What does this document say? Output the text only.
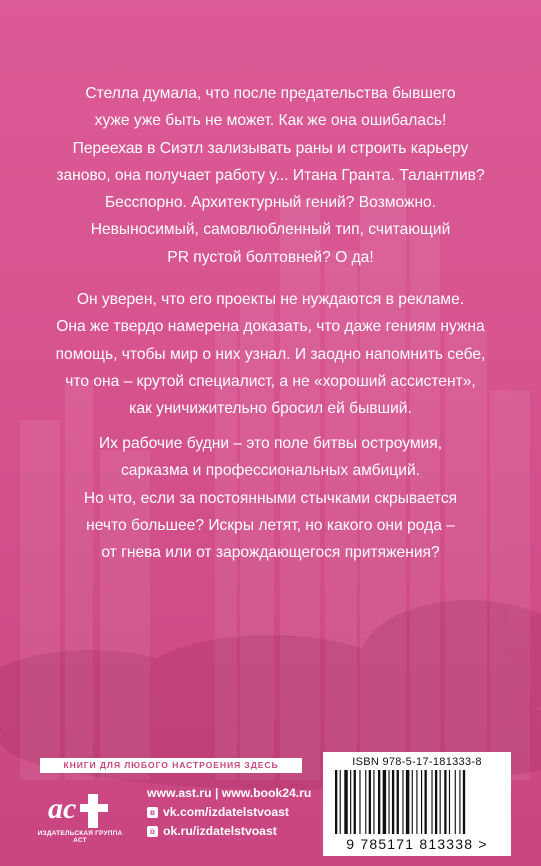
Стелла думала, что после предательства бывшего
хуже уже быть не может. Как же она ошибалась!
Переехав в Сиэтл зализывать раны и строить карьеру
заново, она получает работу у... Итана Гранта. Талантлив?
Бесспорно. Архитектурный гений? Возможно.
Невыносимый, самовлюбленный тип, считающий
PR пустой болтовней? О да!
Он уверен, что его проекты не нуждаются в рекламе.
Она же твердо намерена доказать, что даже гениям нужна
помощь, чтобы мир о них узнал. И заодно напомнить себе,
что она – крутой специалист, а не «хороший ассистент»,
как уничижительно бросил ей бывший.
Их рабочие будни – это поле битвы остроумия,
сарказма и профессиональных амбиций.
Но что, если за постоянными стычками скрывается
нечто большее? Искры летят, но какого они рода –
от гнева или от зарождающегося притяжения?
КНИГИ ДЛЯ ЛЮБОГО НАСТРОЕНИЯ ЗДЕСЬ
ac
ИЗДАТЕЛЬСКАЯ ГРУППА АСТ
www.ast.ru | www.book24.ru
в vk.com/izdatelstvoast
о ok.ru/izdatelstvoast
ISBN 978-5-17-181333-8
9 785171 813338 >
